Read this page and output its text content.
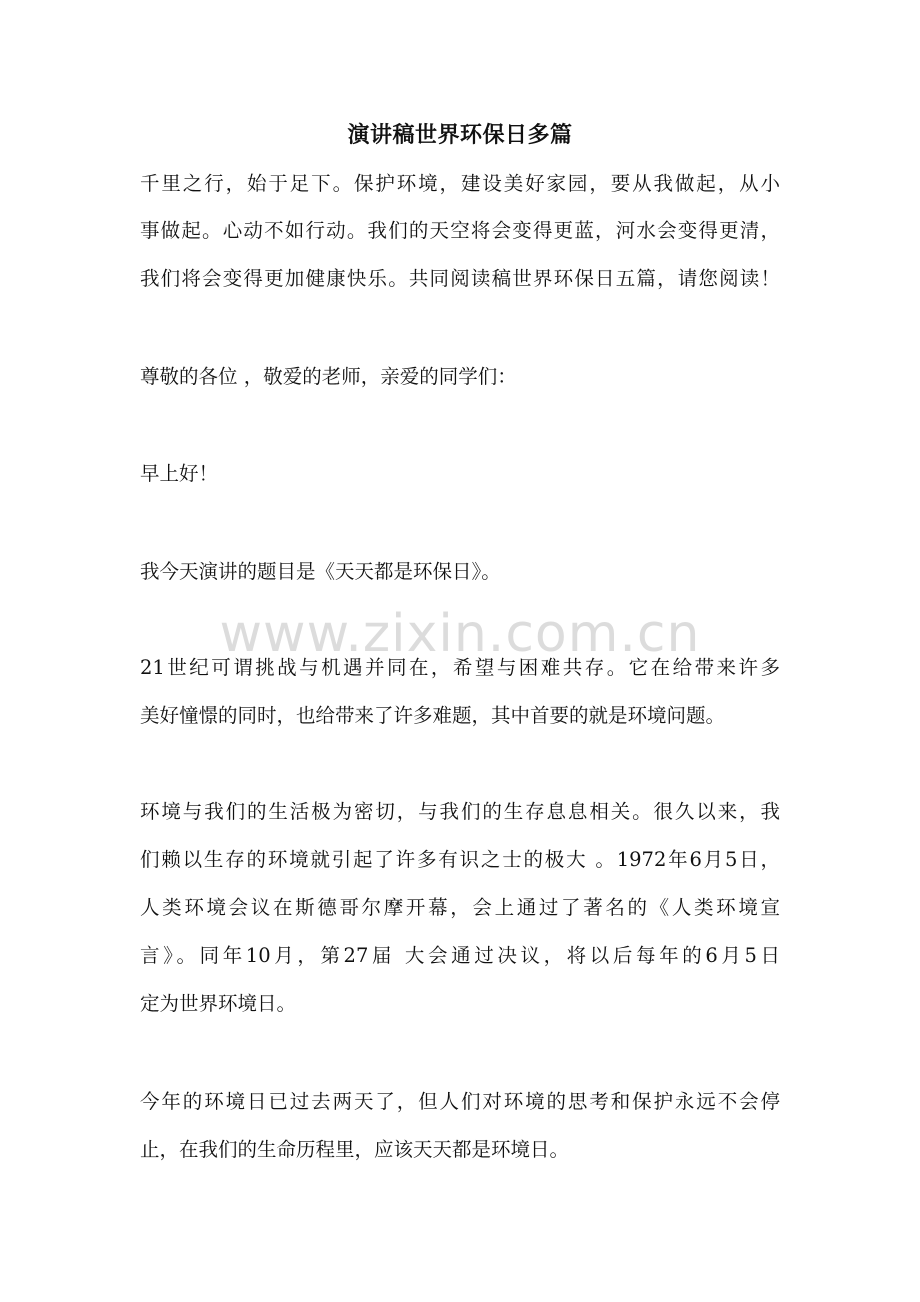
演讲稿世界环保日多篇
千里之行，始于足下。保护环境，建设美好家园，要从我做起，从小
事做起。心动不如行动。我们的天空将会变得更蓝，河水会变得更清，
我们将会变得更加健康快乐。共同阅读稿世界环保日五篇，请您阅读！
尊敬的各位 ，敬爱的老师，亲爱的同学们：
早上好！
我今天演讲的题目是《天天都是环保日》。
www.zixin.com.cn
21世纪可谓挑战与机遇并同在，希望与困难共存。它在给带来许多
美好憧憬的同时，也给带来了许多难题，其中首要的就是环境问题。
环境与我们的生活极为密切，与我们的生存息息相关。很久以来，我
们赖以生存的环境就引起了许多有识之士的极大 。1972年6月5日，
人类环境会议在斯德哥尔摩开幕，会上通过了著名的《人类环境宣
言》。同年10月，第27届 大会通过决议，将以后每年的6月5日
定为世界环境日。
今年的环境日已过去两天了，但人们对环境的思考和保护永远不会停
止，在我们的生命历程里，应该天天都是环境日。
